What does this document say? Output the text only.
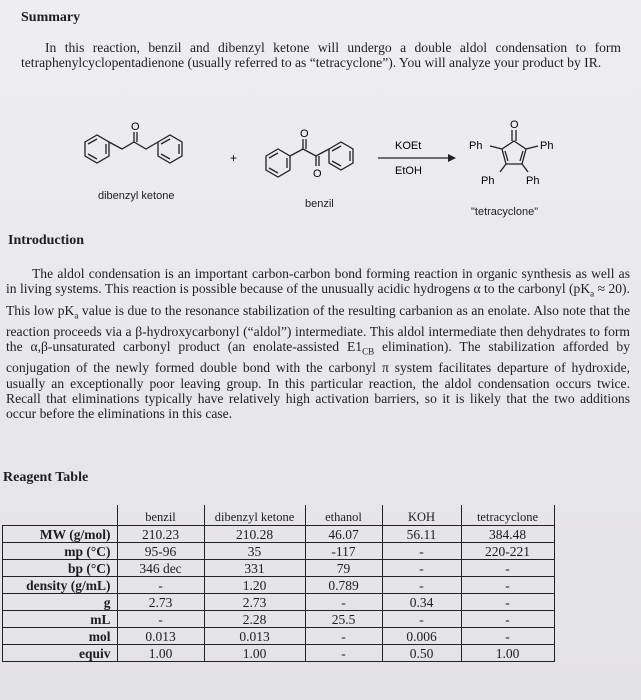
Summary

In this reaction, benzil and dibenzyl ketone will undergo a double aldol condensation to form tetraphenylcyclopentadienone (usually referred to as “tetracyclone”). You will analyze your product by IR.

O
+
O
O
KOEt
EtOH
O
Ph	Ph
Ph	Ph
dibenzyl ketone
benzil
"tetracyclone"
Introduction

The aldol condensation is an important carbon-carbon bond forming reaction in organic synthesis as well as in living systems. This reaction is possible because of the unusually acidic hydrogens α to the carbonyl $(pK_a \approx 20)$. This low $pK_a$ value is due to the resonance stabilization of the resulting carbanion as an enolate. Also note that the reaction proceeds via a β-hydroxycarbonyl (“aldol”) intermediate. This aldol intermediate then dehydrates to form the α,β-unsaturated carbonyl product (an enolate-assisted $E1_{CB}$ elimination). The stabilization afforded by conjugation of the newly formed double bond with the carbonyl π system facilitates departure of hydroxide, usually an exceptionally poor leaving group. In this particular reaction, the aldol condensation occurs twice. Recall that eliminations typically have relatively high activation barriers, so it is likely that the two additions occur before the eliminations in this case.

Reagent Table
	benzil	dibenzyl ketone	ethanol	KOH	tetracyclone
MW (g/mol)	210.23	210.28	46.07	56.11	384.48
mp (°C)	95-96	35	-117	-	220-221
bp (°C)	346 dec	331	79	-	-
density (g/mL)	-	1.20	0.789	-	-
g	2.73	2.73	-	0.34	-
mL	-	2.28	25.5	-	-
mol	0.013	0.013	-	0.006	-
equiv	1.00	1.00	-	0.50	1.00
